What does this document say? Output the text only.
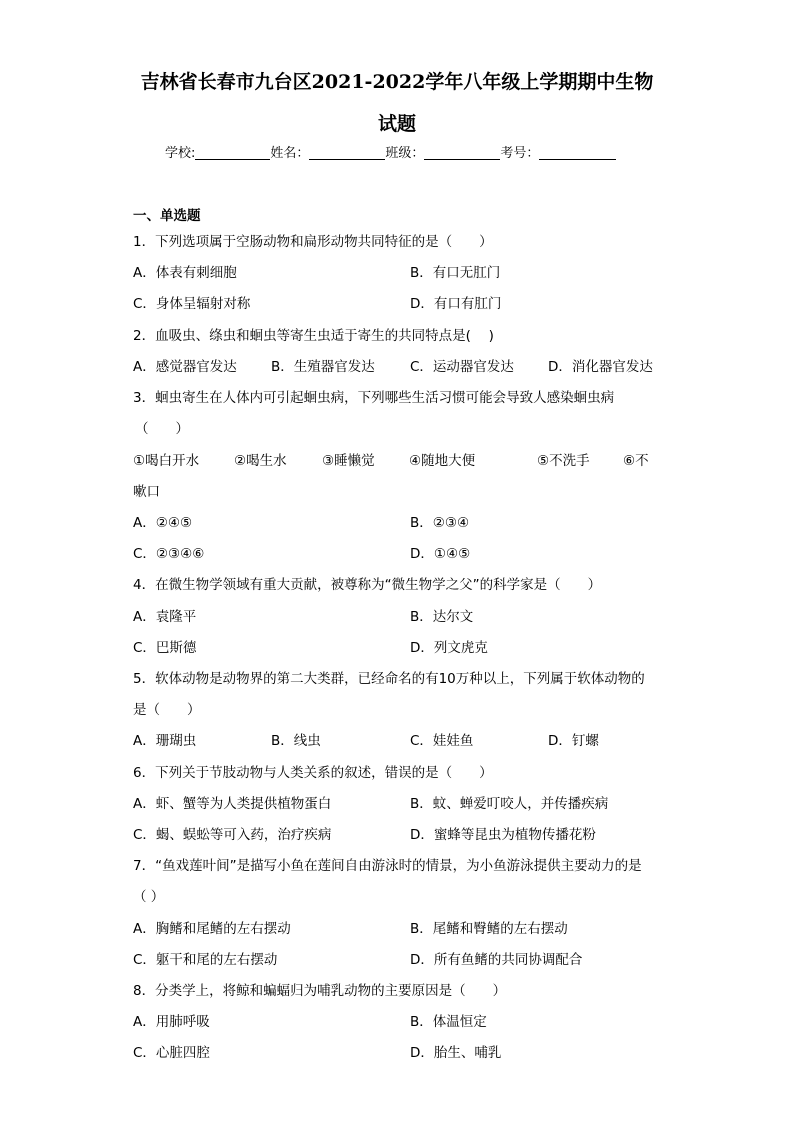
吉林省长春市九台区2021-2022学年八年级上学期期中生物
试题
学校:	姓名：	班级：	考号：
一、单选题
1．下列选项属于空肠动物和扁形动物共同特征的是（　　）
A．体表有刺细胞	B．有口无肛门
C．身体呈辐射对称	D．有口有肛门
2．血吸虫、绦虫和蛔虫等寄生虫适于寄生的共同特点是(　 )
A．感觉器官发达	B．生殖器官发达	C．运动器官发达	D．消化器官发达
3．蛔虫寄生在人体内可引起蛔虫病，下列哪些生活习惯可能会导致人感染蛔虫病
（　　）
①喝白开水	②喝生水	③睡懒觉	④随地大便	⑤不洗手 ⑥不
嗽口
A．②④⑤	B．②③④
C．②③④⑥	D．①④⑤
4．在微生物学领域有重大贡献，被尊称为“微生物学之父”的科学家是（　　）
A．袁隆平	B．达尔文
C．巴斯德	D．列文虎克
5．软体动物是动物界的第二大类群，已经命名的有10万种以上，下列属于软体动物的
是（　　）
A．珊瑚虫	B．线虫	C．娃娃鱼	D．钉螺
6．下列关于节肢动物与人类关系的叙述，错误的是（　　）
A．虾、蟹等为人类提供植物蛋白	B．蚊、蝉爱叮咬人，并传播疾病
C．蝎、蜈蚣等可入药，治疗疾病	D．蜜蜂等昆虫为植物传播花粉
7．“鱼戏莲叶间”是描写小鱼在莲间自由游泳时的情景，为小鱼游泳提供主要动力的是
（ ）
A．胸鳍和尾鳍的左右摆动	B．尾鳍和臀鳍的左右摆动
C．躯干和尾的左右摆动	D．所有鱼鳍的共同协调配合
8．分类学上，将鲸和蝙蝠归为哺乳动物的主要原因是（　　）
A．用肺呼吸	B．体温恒定
C．心脏四腔	D．胎生、哺乳
